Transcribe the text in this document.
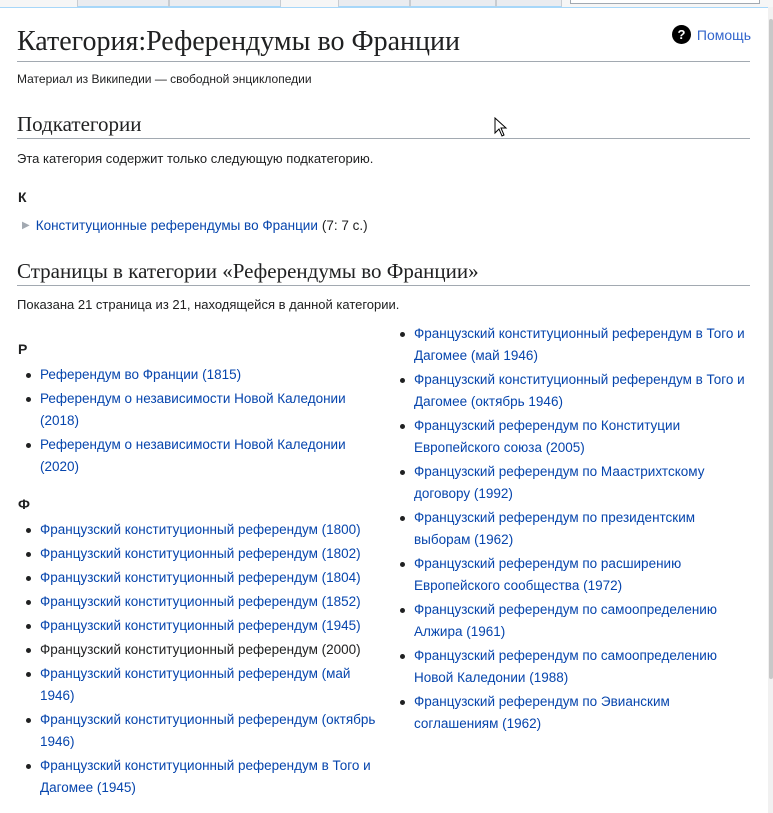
Категория:Референдумы во Франции	? Помощь
Материал из Википедии — свободной энциклопедии
Подкатегории
Эта категория содержит только следующую подкатегорию.
К
▶ Конституционные референдумы во Франции (7: 7 с.)
Страницы в категории «Референдумы во Франции»
Показана 21 страница из 21, находящейся в данной категории.
Р
Референдум во Франции (1815)
Референдум о независимости Новой Каледонии (2018)
Референдум о независимости Новой Каледонии (2020)
Ф
Французский конституционный референдум (1800)
Французский конституционный референдум (1802)
Французский конституционный референдум (1804)
Французский конституционный референдум (1852)
Французский конституционный референдум (1945)
Французский конституционный референдум (2000)
Французский конституционный референдум (май 1946)
Французский конституционный референдум (октябрь 1946)
Французский конституционный референдум в Того и Дагомее (1945)
Французский конституционный референдум в Того и Дагомее (май 1946)
Французский конституционный референдум в Того и Дагомее (октябрь 1946)
Французский референдум по Конституции Европейского союза (2005)
Французский референдум по Маастрихтскому договору (1992)
Французский референдум по президентским выборам (1962)
Французский референдум по расширению Европейского сообщества (1972)
Французский референдум по самоопределению Алжира (1961)
Французский референдум по самоопределению Новой Каледонии (1988)
Французский референдум по Эвианским соглашениям (1962)
